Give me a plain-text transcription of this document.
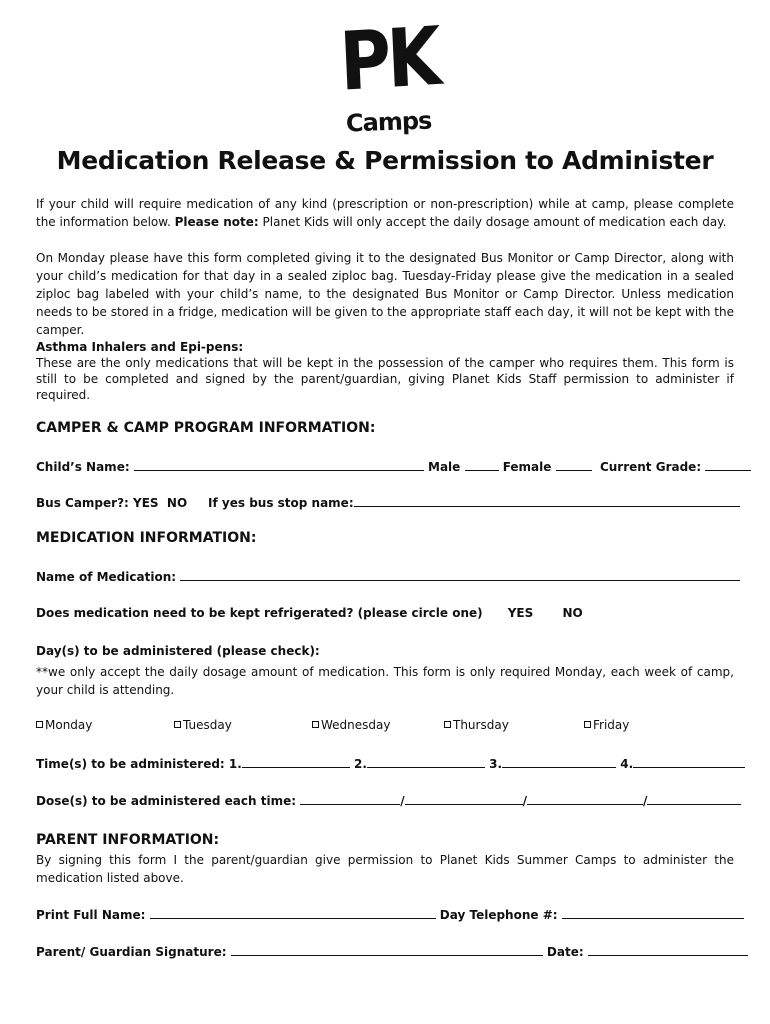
PK
Camps
Medication Release & Permission to Administer
If your child will require medication of any kind (prescription or non-prescription) while at camp, please complete the information below. Please note: Planet Kids will only accept the daily dosage amount of medication each day.
On Monday please have this form completed giving it to the designated Bus Monitor or Camp Director, along with your child’s medication for that day in a sealed ziploc bag. Tuesday-Friday please give the medication in a sealed ziploc bag labeled with your child’s name, to the designated Bus Monitor or Camp Director. Unless medication needs to be stored in a fridge, medication will be given to the appropriate staff each day, it will not be kept with the camper.
Asthma Inhalers and Epi-pens:
These are the only medications that will be kept in the possession of the camper who requires them. This form is still to be completed and signed by the parent/guardian, giving Planet Kids Staff permission to administer if required.
CAMPER & CAMP PROGRAM INFORMATION:
Child’s Name:	Male	Female	Current Grade:
Bus Camper?: YES NO If yes bus stop name:
MEDICATION INFORMATION:
Name of Medication:
Does medication need to be kept refrigerated? (please circle one) YES NO
Day(s) to be administered (please check):
**we only accept the daily dosage amount of medication. This form is only required Monday, each week of camp, your child is attending.
Monday	Tuesday	Wednesday	Thursday	Friday
Time(s) to be administered: 1.	2.	3.	4.
Dose(s) to be administered each time:	/	/	/
PARENT INFORMATION:
By signing this form I the parent/guardian give permission to Planet Kids Summer Camps to administer the medication listed above.
Print Full Name:	Day Telephone #:
Parent/ Guardian Signature:	Date:
